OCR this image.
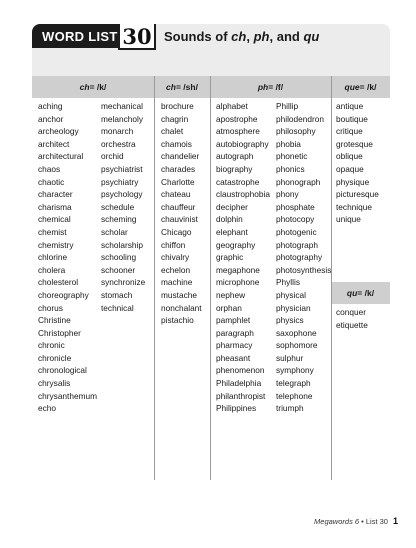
WORD LIST 30 Sounds of
ch ,
ph , and
qu
ch = /k/	ch = /sh/	ph = /f/	que = /k/
qu = /k/
aching
anchor
archeology
architect
architectural
chaos
chaotic
character
charisma
chemical
chemist
chemistry
chlorine
cholera
cholesterol
choreography
chorus
Christine
Christopher
chronic
chronicle
chronological
chrysalis
chrysanthemum
echo
mechanical
melancholy
monarch
orchestra
orchid
psychiatrist
psychiatry
psychology
schedule
scheming
scholar
scholarship
schooling
schooner
synchronize
stomach
technical
brochure
chagrin
chalet
chamois
chandelier
charades
Charlotte
chateau
chauffeur
chauvinist
Chicago
chiffon
chivalry
echelon
machine
mustache
nonchalant
pistachio
alphabet
apostrophe
atmosphere
autobiography
autograph
biography
catastrophe
claustrophobia
decipher
dolphin
elephant
geography
graphic
megaphone
microphone
nephew
orphan
pamphlet
paragraph
pharmacy
pheasant
phenomenon
Philadelphia
philanthropist
Philippines
Phillip
philodendron
philosophy
phobia
phonetic
phonics
phonograph
phony
phosphate
photocopy
photogenic
photograph
photography
photosynthesis
Phyllis
physical
physician
physics
saxophone
sophomore
sulphur
symphony
telegraph
telephone
triumph
antique
boutique
critique
grotesque
oblique
opaque
physique
picturesque
technique
unique
conquer
etiquette
Megawords 6 • List 30 1
